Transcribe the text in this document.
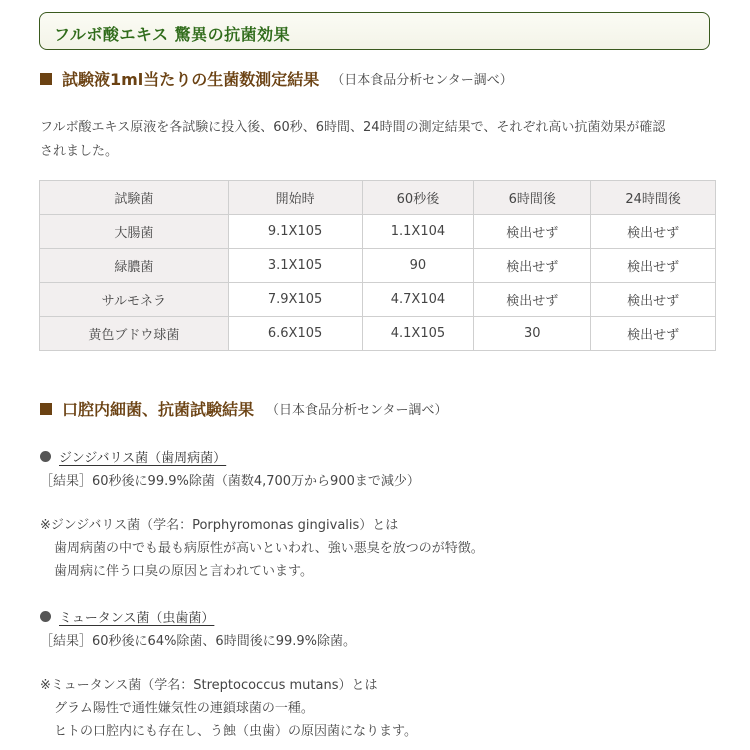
フルボ酸エキス 驚異の抗菌効果
試験液1ml当たりの生菌数測定結果 （日本食品分析センター調べ）
フルボ酸エキス原液を各試験に投入後、60秒、6時間、24時間の測定結果で、それぞれ高い抗菌効果が確認
されました。
試験菌	開始時	60秒後	6時間後	24時間後
大腸菌	9.1X105	1.1X104	検出せず	検出せず
緑膿菌	3.1X105	90	検出せず	検出せず
サルモネラ	7.9X105	4.7X104	検出せず	検出せず
黄色ブドウ球菌	6.6X105	4.1X105	30	検出せず
口腔内細菌、抗菌試験結果 （日本食品分析センター調べ）
ジンジバリス菌（歯周病菌）
［結果］60秒後に99.9%除菌（菌数4,700万から900まで減少）
※ジンジバリス菌（学名：Porphyromonas gingivalis）とは
歯周病菌の中でも最も病原性が高いといわれ、強い悪臭を放つのが特徴。
歯周病に伴う口臭の原因と言われています。
ミュータンス菌（虫歯菌）
［結果］60秒後に64%除菌、6時間後に99.9%除菌。
※ミュータンス菌（学名：Streptococcus mutans）とは
グラム陽性で通性嫌気性の連鎖球菌の一種。
ヒトの口腔内にも存在し、う蝕（虫歯）の原因菌になります。
